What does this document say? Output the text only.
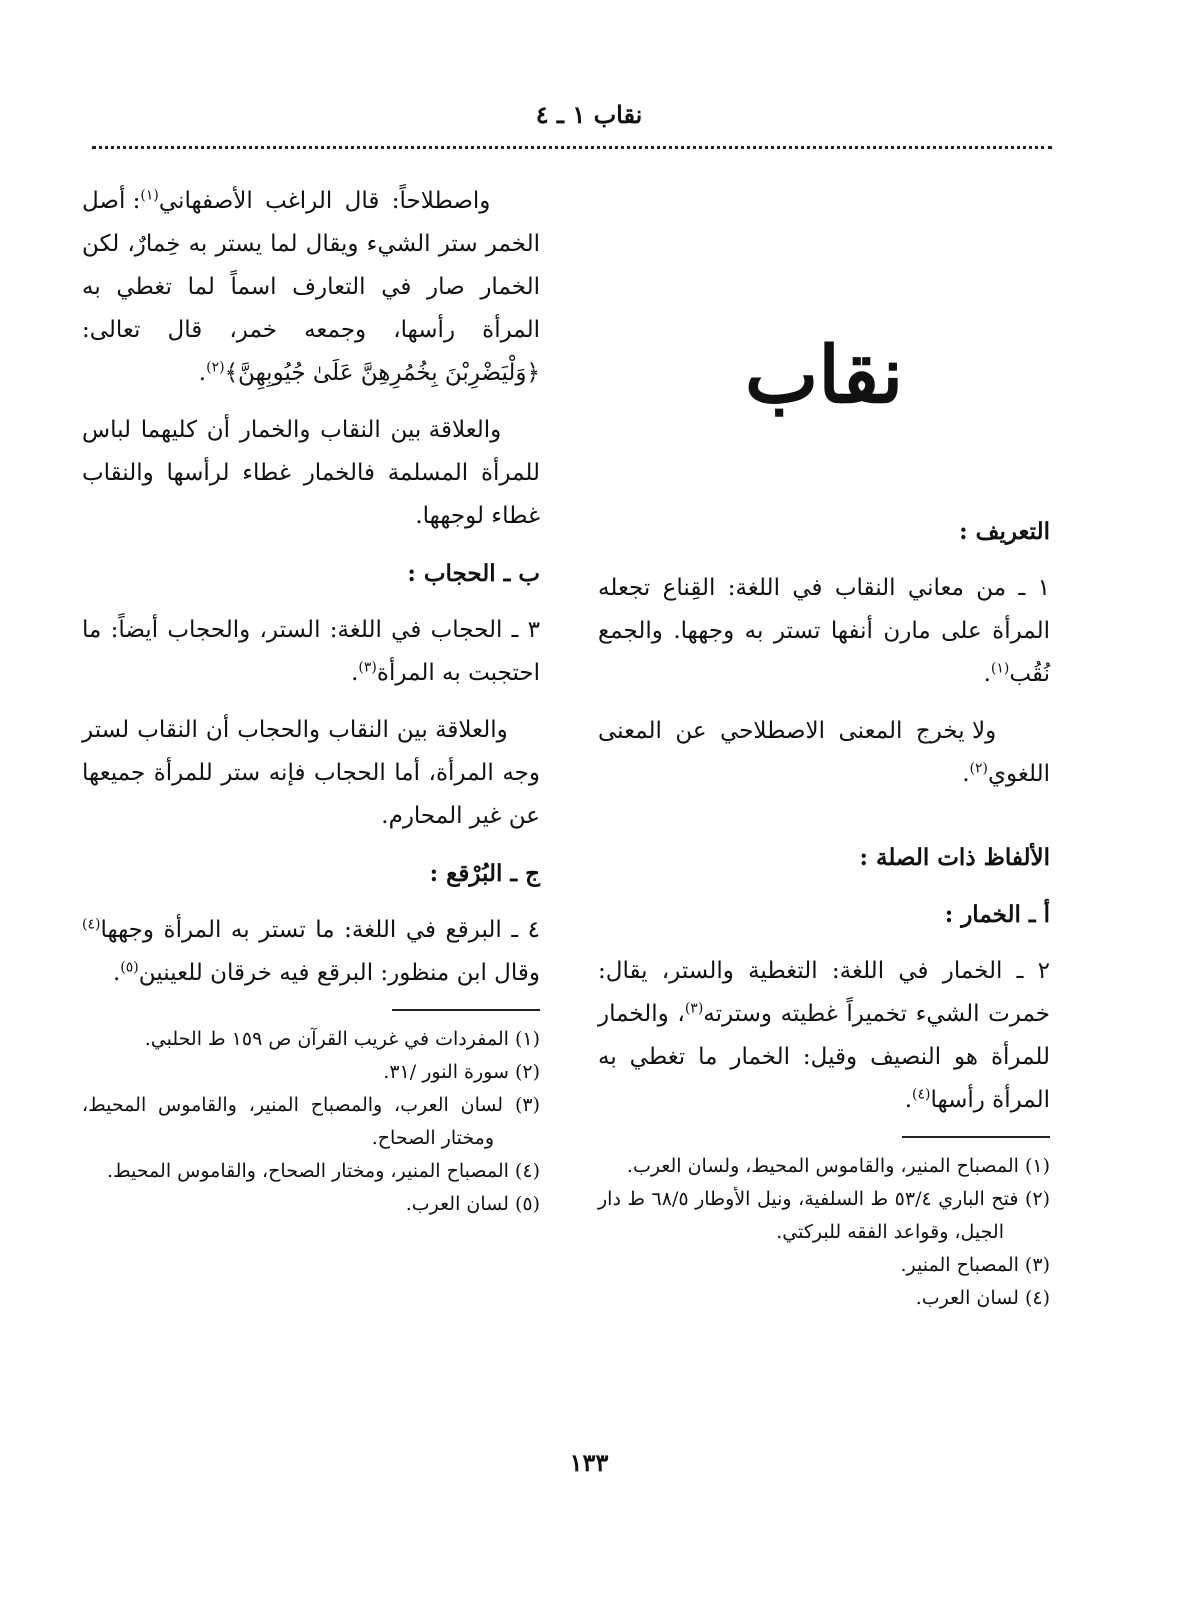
نقاب ١ ـ ٤
نقاب

التعريف :

١ ـ من معاني النقاب في اللغة: القِناع تجعله المرأة على مارن أنفها تستر به وجهها. والجمع نُقُب$^{(١)}$.

ولا يخرج المعنى الاصطلاحي عن المعنى اللغوي$^{(٢)}$.

الألفاظ ذات الصلة :

أ ـ الخمار :

٢ ـ الخمار في اللغة: التغطية والستر، يقال: خمرت الشيء تخميراً غطيته وسترته$^{(٣)}$، والخمار للمرأة هو النصيف وقيل: الخمار ما تغطي به المرأة رأسها$^{(٤)}$.

(١) المصباح المنير، والقاموس المحيط، ولسان العرب.

(٢) فتح الباري ٥٣/٤ ط السلفية، ونيل الأوطار ٦٨/٥ ط دار الجيل، وقواعد الفقه للبركتي.

(٣) المصباح المنير.

(٤) لسان العرب.

واصطلاحاً: قال الراغب الأصفهاني$^{(١)}$: أصل الخمر ستر الشيء ويقال لما يستر به خِمارٌ، لكن الخمار صار في التعارف اسماً لما تغطي به المرأة رأسها، وجمعه خمر، قال تعالى: ﴿وَلْيَضْرِبْنَ بِخُمُرِهِنَّ عَلَىٰ جُيُوبِهِنَّ﴾$^{(٢)}$.

والعلاقة بين النقاب والخمار أن كليهما لباس للمرأة المسلمة فالخمار غطاء لرأسها والنقاب غطاء لوجهها.

ب ـ الحجاب :

٣ ـ الحجاب في اللغة: الستر، والحجاب أيضاً: ما احتجبت به المرأة$^{(٣)}$.

والعلاقة بين النقاب والحجاب أن النقاب لستر وجه المرأة، أما الحجاب فإنه ستر للمرأة جميعها عن غير المحارم.

ج ـ البُرْقع :

٤ ـ البرقع في اللغة: ما تستر به المرأة وجهها$^{(٤)}$ وقال ابن منظور: البرقع فيه خرقان للعينين$^{(٥)}$.

(١) المفردات في غريب القرآن ص ١٥٩ ط الحلبي.

(٢) سورة النور /٣١.

(٣) لسان العرب، والمصباح المنير، والقاموس المحيط، ومختار الصحاح.

(٤) المصباح المنير، ومختار الصحاح، والقاموس المحيط.

(٥) لسان العرب.

١٣٣
